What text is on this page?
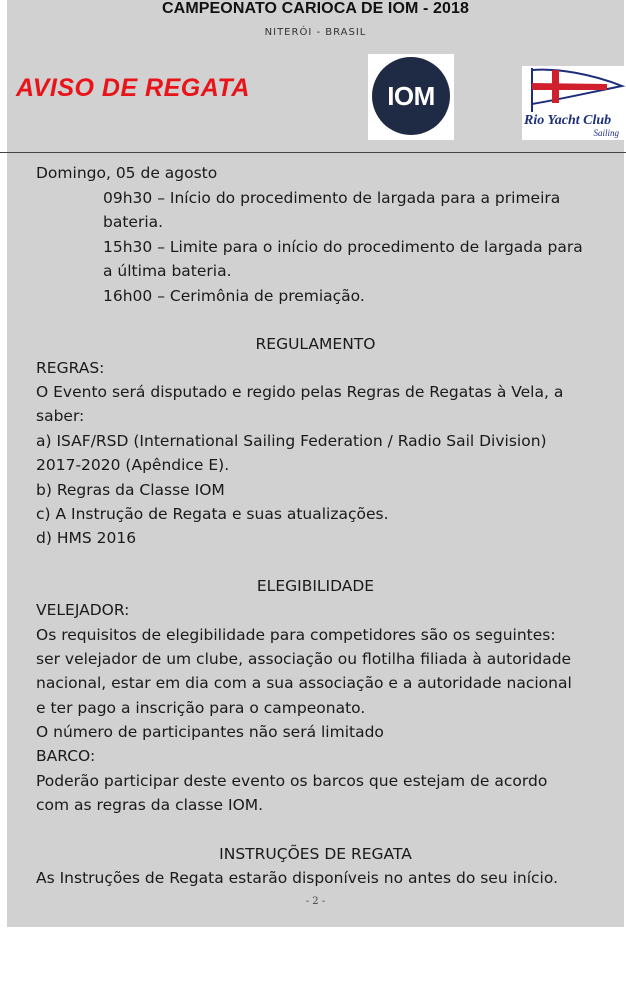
CAMPEONATO CARIOCA DE IOM - 2018
NITERÓI - BRASIL
AVISO DE REGATA	IOM
Rio Yacht Club
Sailing
Domingo, 05 de agosto
09h30 – Início do procedimento de largada para a primeira
bateria.
15h30 – Limite para o início do procedimento de largada para
a última bateria.
16h00 – Cerimônia de premiação.
REGULAMENTO
REGRAS:
O Evento será disputado e regido pelas Regras de Regatas à Vela, a
saber:
a) ISAF/RSD (International Sailing Federation / Radio Sail Division)
2017-2020 (Apêndice E).
b) Regras da Classe IOM
c) A Instrução de Regata e suas atualizações.
d) HMS 2016
ELEGIBILIDADE
VELEJADOR:
Os requisitos de elegibilidade para competidores são os seguintes:
ser velejador de um clube, associação ou flotilha filiada à autoridade
nacional, estar em dia com a sua associação e a autoridade nacional
e ter pago a inscrição para o campeonato.
O número de participantes não será limitado
BARCO:
Poderão participar deste evento os barcos que estejam de acordo
com as regras da classe IOM.
INSTRUÇÕES DE REGATA
As Instruções de Regata estarão disponíveis no antes do seu início.
- 2 -
